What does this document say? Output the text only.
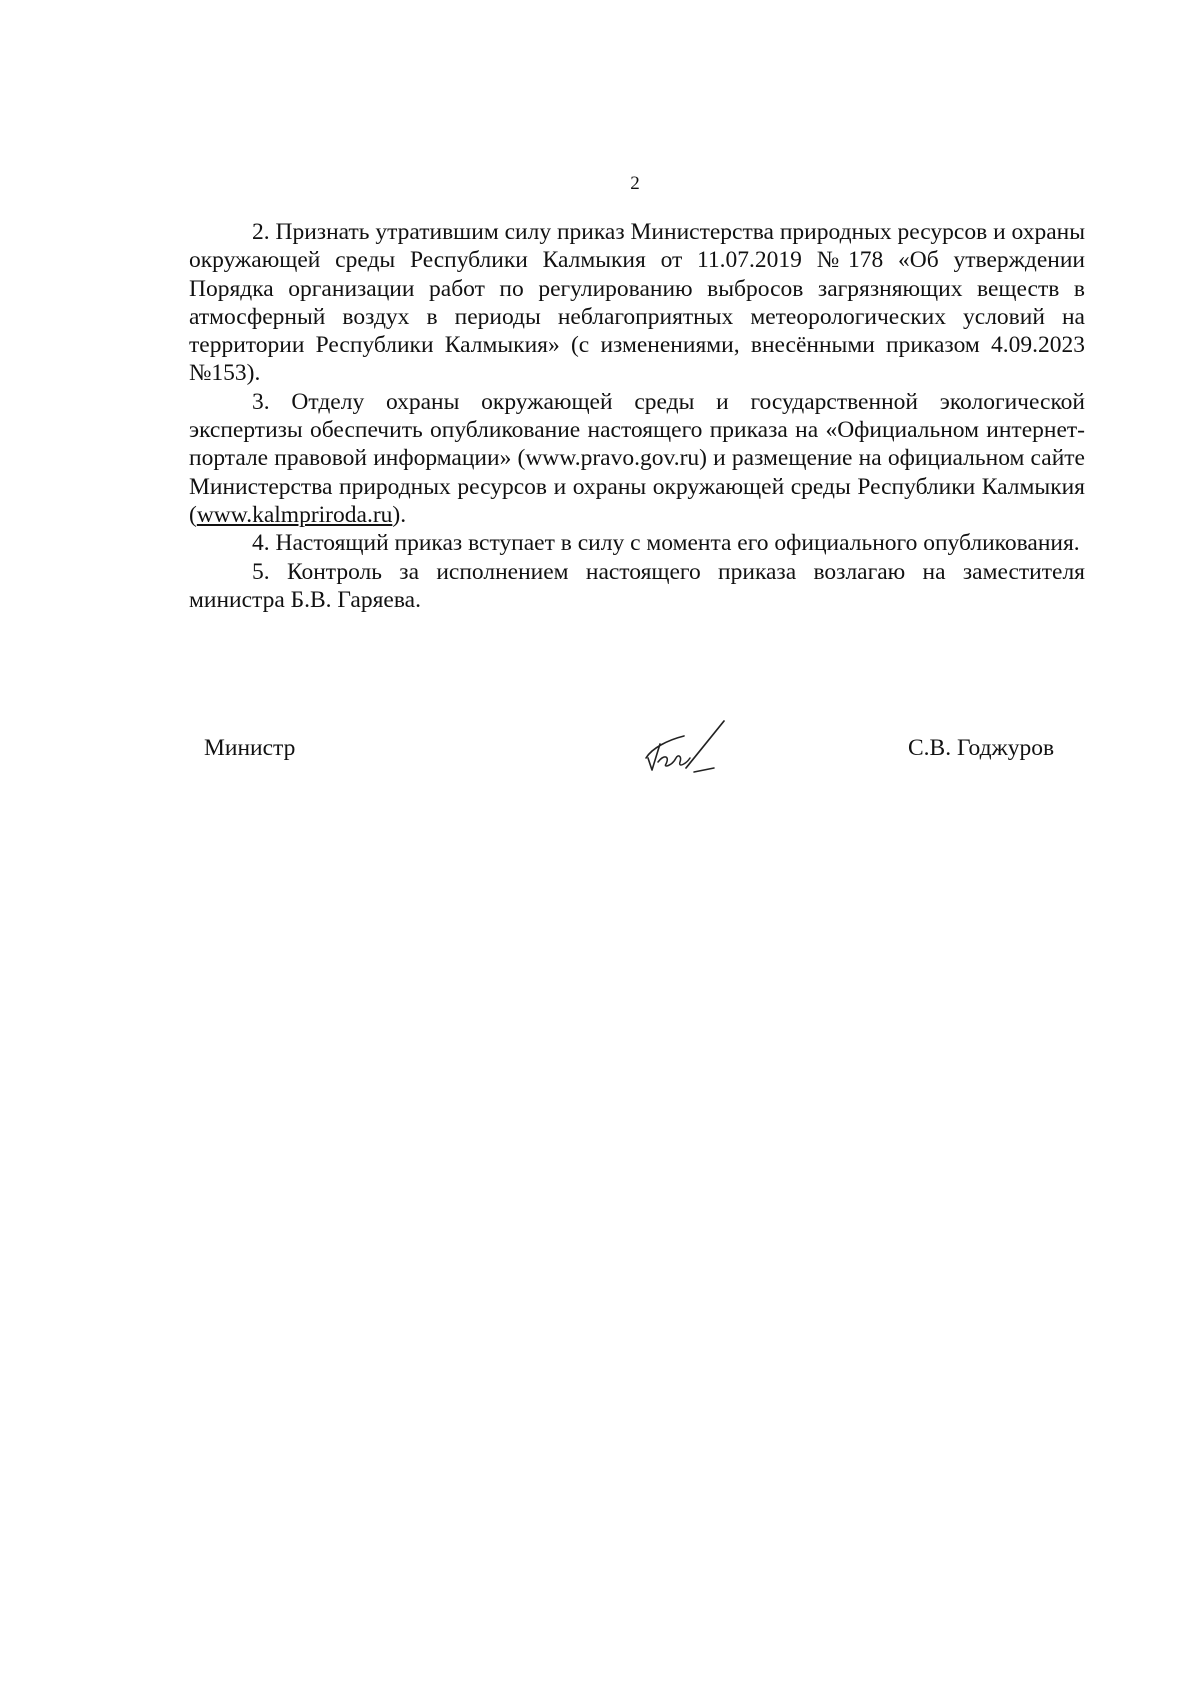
2

2. Признать утратившим силу приказ Министерства природных ресурсов и охраны окружающей среды Республики Калмыкия от 11.07.2019 №178 «Об утверждении Порядка организации работ по регулированию выбросов загрязняющих веществ в атмосферный воздух в периоды неблагоприятных метеорологических условий на территории Республики Калмыкия» (с изменениями, внесёнными приказом 4.09.2023 №153).

3. Отделу охраны окружающей среды и государственной экологической экспертизы обеспечить опубликование настоящего приказа на «Официальном интернет-портале правовой информации» (www.pravo.gov.ru) и размещение на официальном сайте Министерства природных ресурсов и охраны окружающей среды Республики Калмыкия (www.kalmpriroda.ru).

4. Настоящий приказ вступает в силу с момента его официального опубликования.

5. Контроль за исполнением настоящего приказа возлагаю на заместителя министра Б.В. Гаряева.

Министр	С.В. Годжуров
